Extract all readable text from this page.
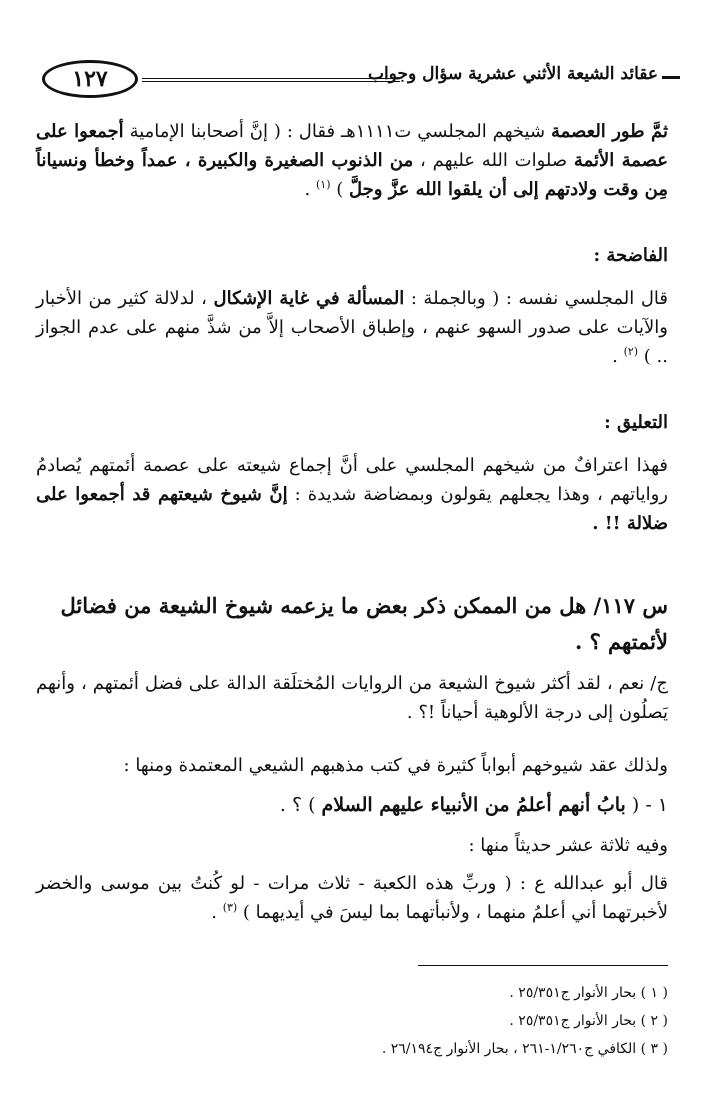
١٢٧	عقائد الشيعة الأثني عشرية سؤال وجواب
ثمَّ طور العصمة شيخهم المجلسي ت١١١١هـ فقال : ( إنَّ أصحابنا الإمامية أجمعوا على عصمة الأئمة صلوات الله عليهم ، من الذنوب الصغيرة والكبيرة ، عمداً وخطأ ونسياناً مِن وقت ولادتهم إلى أن يلقوا الله عزَّ وجلَّ ) $^{(١)}$ .
الفاضحة :
قال المجلسي نفسه : ( وبالجملة : المسألة في غاية الإشكال ، لدلالة كثير من الأخبار والآيات على صدور السهو عنهم ، وإطباق الأصحاب إلاَّ من شذَّ منهم على عدم الجواز .. ) $^{(٢)}$ .
التعليق :
فهذا اعترافٌ من شيخهم المجلسي على أنَّ إجماع شيعته على عصمة أئمتهم يُصادمُ رواياتهم ، وهذا يجعلهم يقولون وبمضاضة شديدة : إنَّ شيوخ شيعتهم قد أجمعوا على ضلالة !! .
س ١١٧/ هل من الممكن ذكر بعض ما يزعمه شيوخ الشيعة من فضائل لأئمتهم ؟ .
ج/ نعم ، لقد أكثر شيوخ الشيعة من الروايات المُختلَقة الدالة على فضل أئمتهم ، وأنهم يَصلُون إلى درجة الألوهية أحياناً !؟ .
ولذلك عقد شيوخهم أبواباً كثيرة في كتب مذهبهم الشيعي المعتمدة ومنها :
١ - ( بابُ أنهم أعلمُ من الأنبياء عليهم السلام ) ؟ .
وفيه ثلاثة عشر حديثاً منها :
قال أبو عبدالله ع : ( وربِّ هذه الكعبة - ثلاث مرات - لو كُنتُ بين موسى والخضر لأخبرتهما أني أعلمُ منهما ، ولأنبأتهما بما ليسَ في أيديهما ) $^{(٣)}$ .
( ١ ) بحار الأنوار ج٢٥/٣٥١ .
( ٢ ) بحار الأنوار ج٢٥/٣٥١ .
( ٣ ) الكافي ج١/٢٦٠-٢٦١ ، بحار الأنوار ج٢٦/١٩٤ .
